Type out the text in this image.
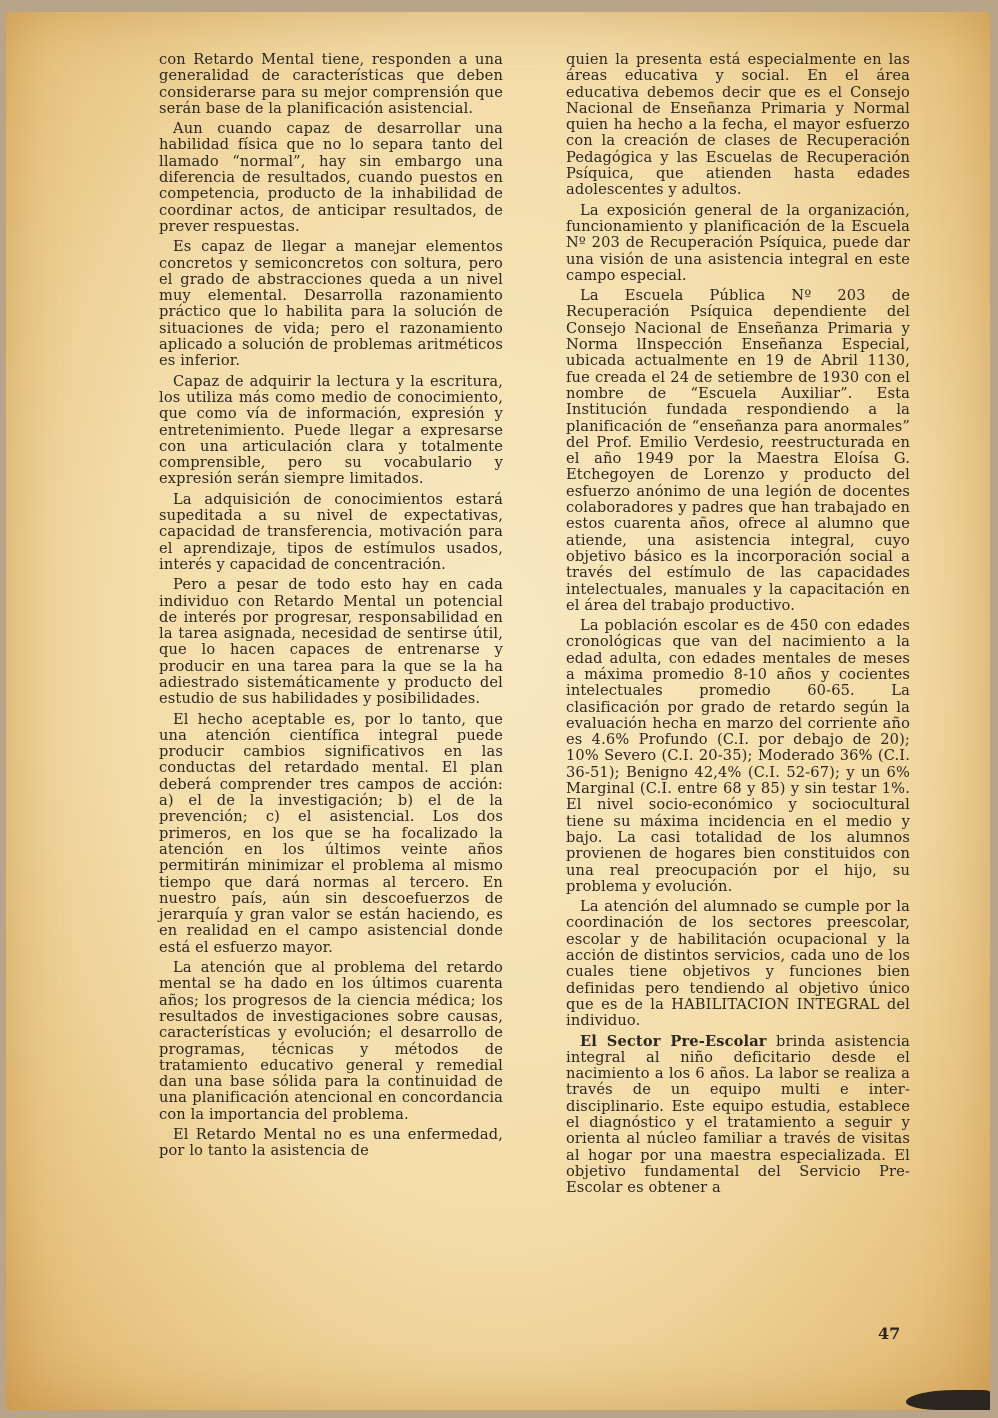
con Retardo Mental tiene, responden a una generalidad de características que deben considerarse para su mejor comprensión que serán base de la planificación asistencial.

Aun cuando capaz de desarrollar una habilidad física que no lo separa tanto del llamado “normal”, hay sin embargo una diferencia de resultados, cuando puestos en competencia, producto de la inhabilidad de coordinar actos, de anticipar resultados, de prever respuestas.

Es capaz de llegar a manejar elementos concretos y semiconcretos con soltura, pero el grado de abstracciones queda a un nivel muy elemental. Desarrolla razonamiento práctico que lo habilita para la solución de situaciones de vida; pero el razonamiento aplicado a solución de problemas aritméticos es inferior.

Capaz de adquirir la lectura y la escritura, los utiliza más como medio de conocimiento, que como vía de información, expresión y entretenimiento. Puede llegar a expresarse con una articulación clara y totalmente comprensible, pero su vocabulario y expresión serán siempre limitados.

La adquisición de conocimientos estará supeditada a su nivel de expectativas, capacidad de transferencia, motivación para el aprendizaje, tipos de estímulos usados, interés y capacidad de concentración.

Pero a pesar de todo esto hay en cada individuo con Retardo Mental un potencial de interés por progresar, responsabilidad en la tarea asignada, necesidad de sentirse útil, que lo hacen capaces de entrenarse y producir en una tarea para la que se la ha adiestrado sistemáticamente y producto del estudio de sus habilidades y posibilidades.

El hecho aceptable es, por lo tanto, que una atención científica integral puede producir cambios significativos en las conductas del retardado mental. El plan deberá comprender tres campos de acción: a) el de la investigación; b) el de la prevención; c) el asistencial. Los dos primeros, en los que se ha focalizado la atención en los últimos veinte años permitirán minimizar el problema al mismo tiempo que dará normas al tercero. En nuestro país, aún sin descoefuerzos de jerarquía y gran valor se están haciendo, es en realidad en el campo asistencial donde está el esfuerzo mayor.

La atención que al problema del retardo mental se ha dado en los últimos cuarenta años; los progresos de la ciencia médica; los resultados de investigaciones sobre causas, características y evolución; el desarrollo de programas, técnicas y métodos de tratamiento educativo general y remedial dan una base sólida para la continuidad de una planificación atencional en concordancia con la importancia del problema.

El Retardo Mental no es una enfermedad, por lo tanto la asistencia de

quien la presenta está especialmente en las áreas educativa y social. En el área educativa debemos decir que es el Consejo Nacional de Enseñanza Primaria y Normal quien ha hecho a la fecha, el mayor esfuerzo con la creación de clases de Recuperación Pedagógica y las Escuelas de Recuperación Psíquica, que atienden hasta edades adolescentes y adultos.

La exposición general de la organización, funcionamiento y planificación de la Escuela Nº 203 de Recuperación Psíquica, puede dar una visión de una asistencia integral en este campo especial.

La Escuela Pública Nº 203 de Recuperación Psíquica dependiente del Consejo Nacional de Enseñanza Primaria y Norma lInspección Enseñanza Especial, ubicada actualmente en 19 de Abril 1130, fue creada el 24 de setiembre de 1930 con el nombre de “Escuela Auxiliar”. Esta Institución fundada respondiendo a la planificación de “enseñanza para anormales” del Prof. Emilio Verdesio, reestructurada en el año 1949 por la Maestra Eloísa G. Etchegoyen de Lorenzo y producto del esfuerzo anónimo de una legión de docentes colaboradores y padres que han trabajado en estos cuarenta años, ofrece al alumno que atiende, una asistencia integral, cuyo objetivo básico es la incorporación social a través del estímulo de las capacidades intelectuales, manuales y la capacitación en el área del trabajo productivo.

La población escolar es de 450 con edades cronológicas que van del nacimiento a la edad adulta, con edades mentales de meses a máxima promedio 8-10 años y cocientes intelectuales promedio 60-65. La clasificación por grado de retardo según la evaluación hecha en marzo del corriente año es 4.6% Profundo (C.I. por debajo de 20); 10% Severo (C.I. 20-35); Moderado 36% (C.I. 36-51); Benigno 42,4% (C.I. 52-67); y un 6% Marginal (C.I. entre 68 y 85) y sin testar 1%. El nivel socio-económico y sociocultural tiene su máxima incidencia en el medio y bajo. La casi totalidad de los alumnos provienen de hogares bien constituidos con una real preocupación por el hijo, su problema y evolución.

La atención del alumnado se cumple por la coordinación de los sectores preescolar, escolar y de habilitación ocupacional y la acción de distintos servicios, cada uno de los cuales tiene objetivos y funciones bien definidas pero tendiendo al objetivo único que es de la HABILITACION INTEGRAL del individuo.

El Sector Pre-Escolar brinda asistencia integral al niño deficitario desde el nacimiento a los 6 años. La labor se realiza a través de un equipo multi e inter-disciplinario. Este equipo estudia, establece el diagnóstico y el tratamiento a seguir y orienta al núcleo familiar a través de visitas al hogar por una maestra especializada. El objetivo fundamental del Servicio Pre-Escolar es obtener a

47
